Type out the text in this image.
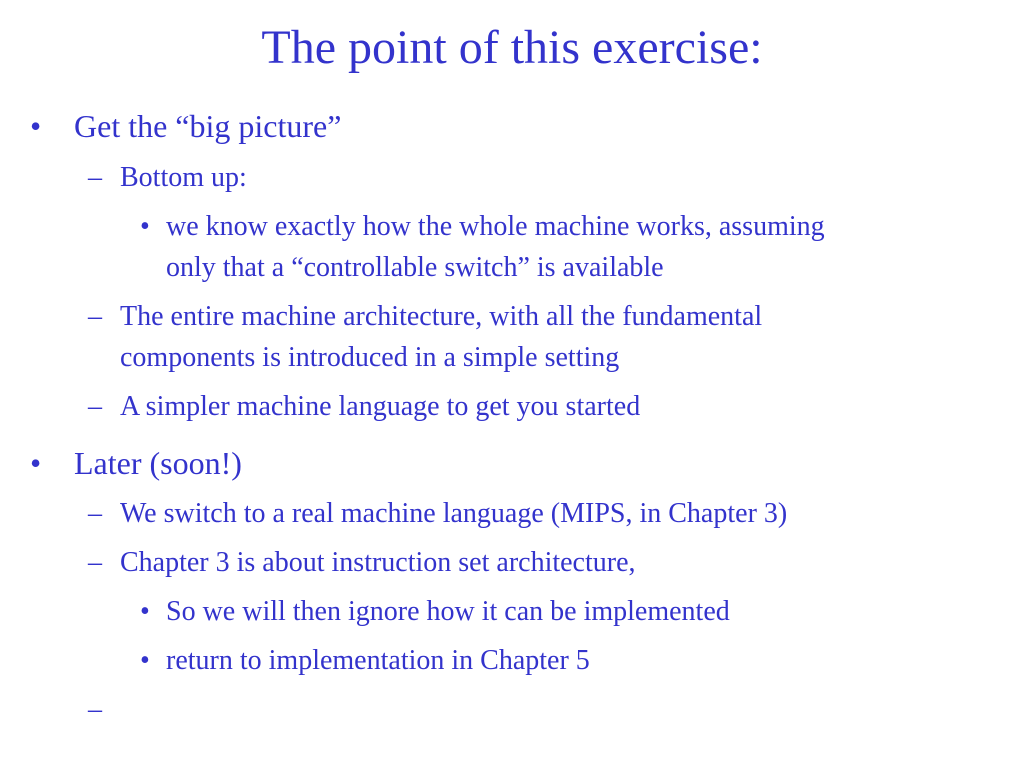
The point of this exercise:
• Get the “big picture”
– Bottom up:
• we know exactly how the whole machine works, assuming
only that a “controllable switch” is available
– The entire machine architecture, with all the fundamental
components is introduced in a simple setting
– A simpler machine language to get you started
• Later (soon!)
– We switch to a real machine language (MIPS, in Chapter 3)
– Chapter 3 is about instruction set architecture,
• So we will then ignore how it can be implemented
• return to implementation in Chapter 5
–
